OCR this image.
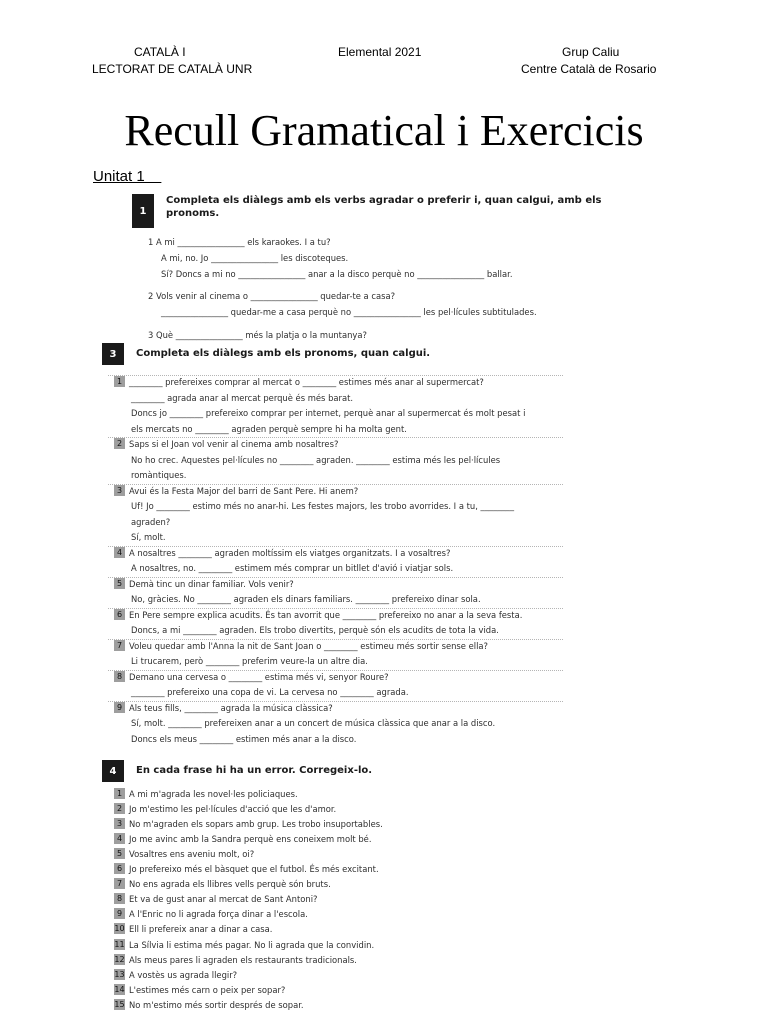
CATALÀ I
LECTORAT DE CATALÀ UNR
Elemental 2021	Grup Caliu
Centre Català de Rosario
Recull Gramatical i Exercicis
Unitat 1
1
Completa els diàlegs amb els verbs agradar o preferir i, quan calgui, amb els
pronoms.
1 A mi ________________ els karaokes. I a tu?
A mi, no. Jo ________________ les discoteques.
Sí? Doncs a mi no ________________ anar a la disco perquè no ________________ ballar.
2 Vols venir al cinema o ________________ quedar-te a casa?
________________ quedar-me a casa perquè no ________________ les pel·lícules subtitulades.
3 Què ________________ més la platja o la muntanya?
3	Completa els diàlegs amb els pronoms, quan calgui.
1 ________ prefereixes comprar al mercat o ________ estimes més anar al supermercat?
________ agrada anar al mercat perquè és més barat.
Doncs jo ________ prefereixo comprar per internet, perquè anar al supermercat és molt pesat i
els mercats no ________ agraden perquè sempre hi ha molta gent.
2 Saps si el Joan vol venir al cinema amb nosaltres?
No ho crec. Aquestes pel·lícules no ________ agraden. ________ estima més les pel·lícules
romàntiques.
3 Avui és la Festa Major del barri de Sant Pere. Hi anem?
Uf! Jo ________ estimo més no anar-hi. Les festes majors, les trobo avorrides. I a tu, ________
agraden?
Sí, molt.
4 A nosaltres ________ agraden moltíssim els viatges organitzats. I a vosaltres?
A nosaltres, no. ________ estimem més comprar un bitllet d'avió i viatjar sols.
5 Demà tinc un dinar familiar. Vols venir?
No, gràcies. No ________ agraden els dinars familiars. ________ prefereixo dinar sola.
6 En Pere sempre explica acudits. És tan avorrit que ________ prefereixo no anar a la seva festa.
Doncs, a mi ________ agraden. Els trobo divertits, perquè són els acudits de tota la vida.
7 Voleu quedar amb l'Anna la nit de Sant Joan o ________ estimeu més sortir sense ella?
Li trucarem, però ________ preferim veure-la un altre dia.
8 Demano una cervesa o ________ estima més vi, senyor Roure?
________ prefereixo una copa de vi. La cervesa no ________ agrada.
9 Als teus fills, ________ agrada la música clàssica?
Sí, molt. ________ prefereixen anar a un concert de música clàssica que anar a la disco.
Doncs els meus ________ estimen més anar a la disco.
4	En cada frase hi ha un error. Corregeix-lo.
1 A mi m'agrada les novel·les policiaques.
2 Jo m'estimo les pel·lícules d'acció que les d'amor.
3 No m'agraden els sopars amb grup. Les trobo insuportables.
4 Jo me avinc amb la Sandra perquè ens coneixem molt bé.
5 Vosaltres ens aveniu molt, oi?
6 Jo prefereixo més el bàsquet que el futbol. És més excitant.
7 No ens agrada els llibres vells perquè són bruts.
8 Et va de gust anar al mercat de Sant Antoni?
9 A l'Enric no li agrada força dinar a l'escola.
10 Ell li prefereix anar a dinar a casa.
11 La Sílvia li estima més pagar. No li agrada que la convidin.
12 Als meus pares li agraden els restaurants tradicionals.
13 A vostès us agrada llegir?
14 L'estimes més carn o peix per sopar?
15 No m'estimo més sortir després de sopar.
